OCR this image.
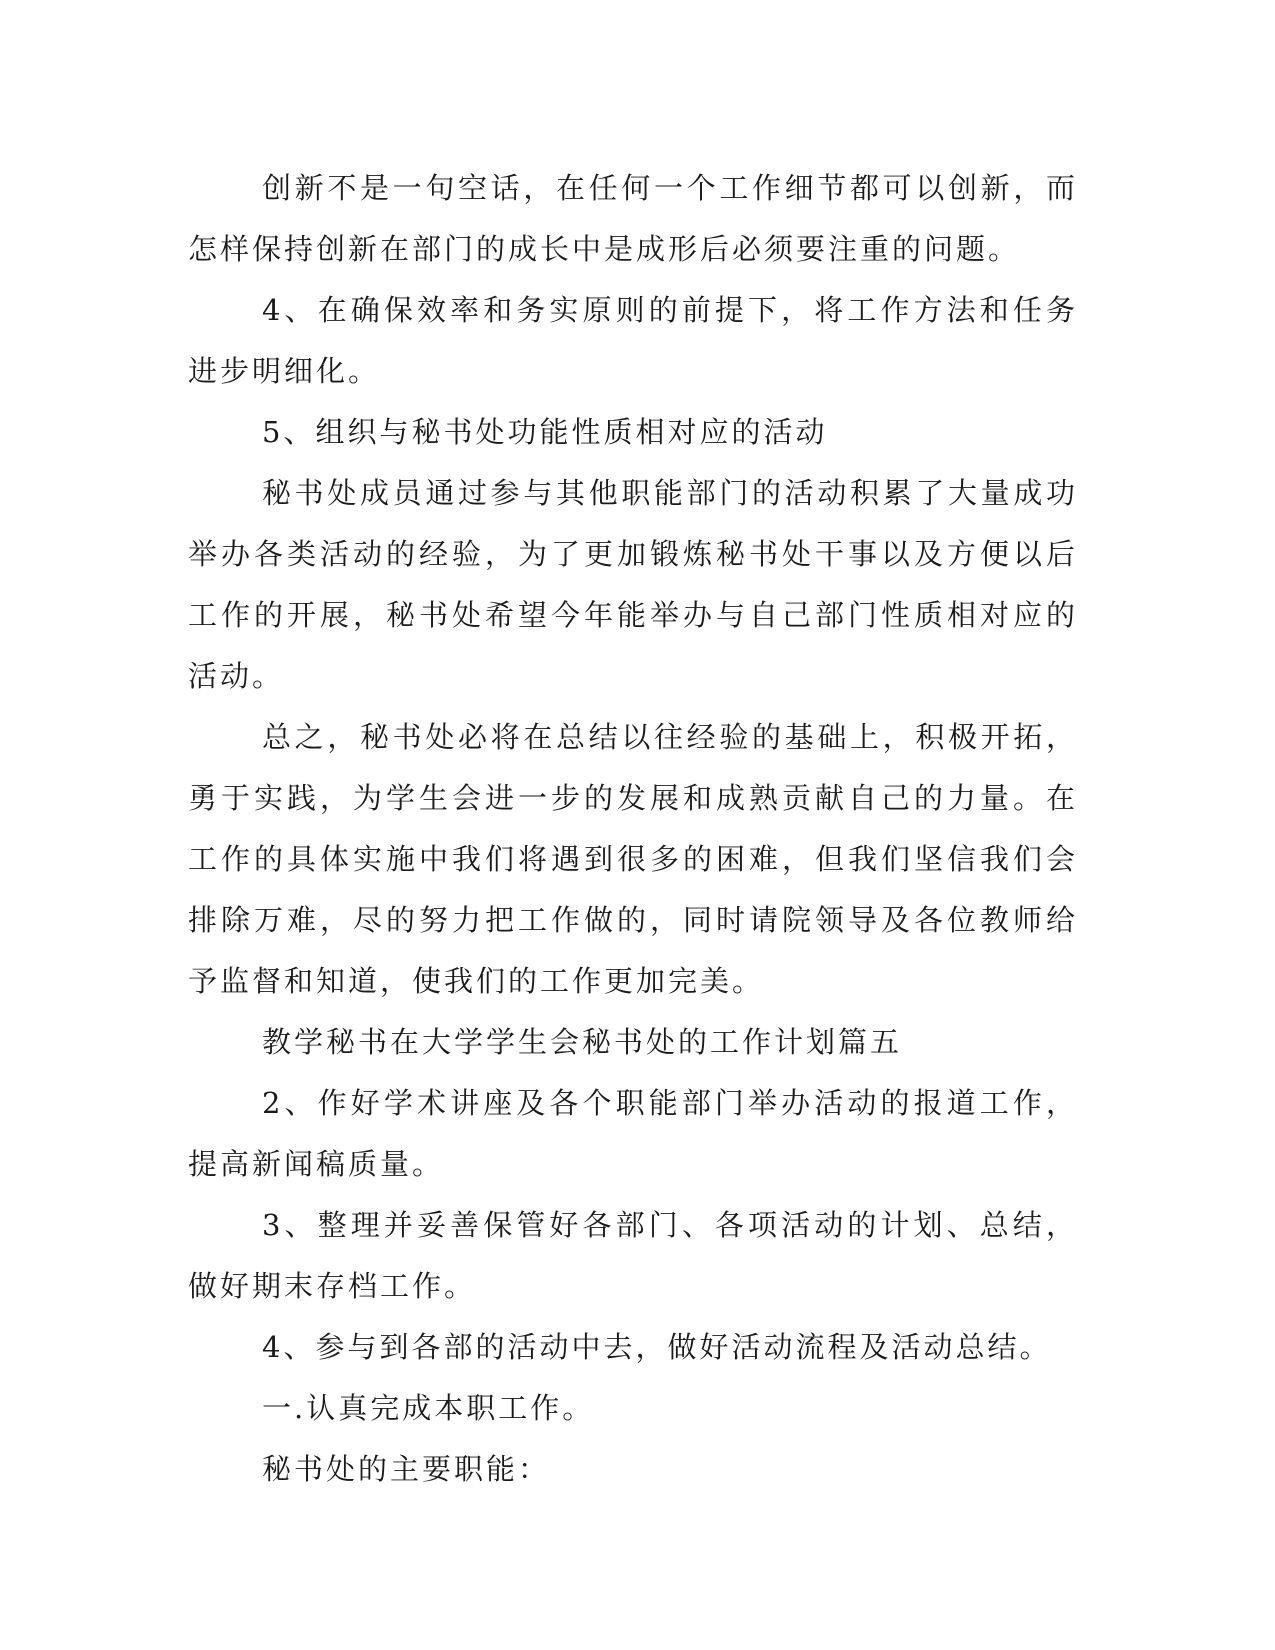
创新不是一句空话，在任何一个工作细节都可以创新，而怎样保持创新在部门的成长中是成形后必须要注重的问题。

4、在确保效率和务实原则的前提下，将工作方法和任务进步明细化。

5、组织与秘书处功能性质相对应的活动

秘书处成员通过参与其他职能部门的活动积累了大量成功举办各类活动的经验，为了更加锻炼秘书处干事以及方便以后工作的开展，秘书处希望今年能举办与自己部门性质相对应的活动。

总之，秘书处必将在总结以往经验的基础上，积极开拓，勇于实践，为学生会进一步的发展和成熟贡献自己的力量。在工作的具体实施中我们将遇到很多的困难，但我们坚信我们会排除万难，尽的努力把工作做的，同时请院领导及各位教师给予监督和知道，使我们的工作更加完美。

教学秘书在大学学生会秘书处的工作计划篇五

2、作好学术讲座及各个职能部门举办活动的报道工作，提高新闻稿质量。

3、整理并妥善保管好各部门、各项活动的计划、总结，做好期末存档工作。

4、参与到各部的活动中去，做好活动流程及活动总结。

一.认真完成本职工作。

秘书处的主要职能：
